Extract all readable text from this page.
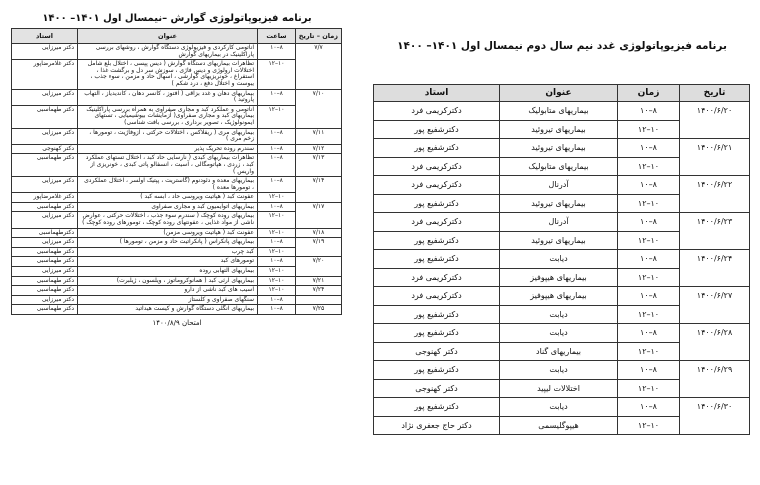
برنامه فیزیوپاتولوژی گوارش –نیمسال اول ۱۴۰۱– ۱۴۰۰
زمان – تاریخ	ساعت	عنوان	استاد
۷/۷	۸–۱۰	آناتومی کارکردی و فیزیولوژی دستگاه گوارش ، روشهای بررسی پاراکلینیک در بیماریهای گوارش	دکتر میرزایی
	۱۰–۱۲	تظاهرات بیماریهای دستگاه گوارش ( دیس پپسی ، اختلال بلع شامل اختلالات ارولوژی و دیس فاژی ، سوزش سر دل و برگشت غذا ، استفراغ ، خونریزیهای گوارشی ، اسهال حاد و مزمن ، سوء جذب ، یبوست و اختلال دفع ، درد شکم )	دکتر غلامرضاپور
۷/۱۰	۸–۱۰	بیماریهای دهان و غدد بزاقی ( افتوز ، کانسر دهان ، کاندیدیاز ، التهاب پاروتید )	دکتر میرزایی
	۱۰–۱۲	آناتومی و عملکرد کبد و مجاری صفراوی به همراه بررسی پاراکلینیک بیماریهای کبد و مجاری صفراوی( آزمایشات بیوشیمیایی ، تستهای ایمونولوژیک ، تصویر برداری ، بررسی بافت شناسی)	دکتر طهماسبی
۷/۱۱	۸–۱۰	بیماریهای مری ( ریفلاکس ، اختلالات حرکتی ، ازوفاژیت ، تومورها ، زخم مری )	دکتر میرزایی
۷/۱۲	۸–۱۰	سندرم روده تحریک پذیر	دکتر کهنوجی
۷/۱۳	۸–۱۰	تظاهرات بیماریهای کبدی ( نارسایی حاد کبد ، اختلال تستهای عملکرد کبد ، زردی ، هپاتومگالی ، آسیت ، انسفالو پاتی کبدی ، خونریزی از واریس )	دکتر طهماسبی
۷/۱۴	۸–۱۰	بیماریهای معده و دئودنوم (گاستریت ، پپتیک اولسر ، اختلال عملکردی ، تومورها معده )	دکتر میرزایی
	۱۰–۱۲	عفونت کبد ( هپاتیت ویروسی حاد ، آبسه کبد )	دکتر غلامرضاپور
۷/۱۷	۸–۱۰	بیماریهای اتوایمیون کبد و مجاری صفراوی	دکتر طهماسبی
	۱۰–۱۲	بیماریهای روده کوچک ( سندرم سوء جذب ، اختلالات حرکتی ، عوارض ناشی از مواد غذایی ، عفونتهای روده کوچک ، تومورهای روده کوچک )	دکتر میرزایی
۷/۱۸	۱۰–۱۲	عفونت کبد ( هپاتیت ویروسی مزمن)	دکترطهماسبی
۷/۱۹	۸–۱۰	بیماریهای پانکراس ( پانکراتیت حاد و مزمن ، تومورها )	دکتر میرزایی
	۱۰–۱۲	کبد چرب	دکتر طهماسبی
۷/۲۰	۸–۱۰	تومورهای کبد	دکتر طهماسبی
	۱۰–۱۲	بیماریهای التهابی روده	دکتر میرزایی
۷/۲۱	۱۰–۱۲	بیماریهای ارثی کبد ( همانوکروماتوز ، ویلسون ، ژیلبرت)	دکتر طهماسبی
۷/۲۴	۱۰–۱۲	آسیب های کبد ناشی از دارو	دکتر طهماسبی
	۸–۱۰	سنگهای صفراوی و کلستاز	دکتر میرزایی
۷/۲۵	۸–۱۰	بیماریهای انگلی دستگاه گوارش و کیست هیداتید	دکتر طهماسبی
امتحان ۱۴۰۰/۸/۹
برنامه فیزیوپاتولوژی غدد نیم سال دوم نیمسال اول ۱۴۰۱– ۱۴۰۰
تاریخ	زمان	عنوان	استاد
۱۴۰۰/۶/۲۰	۸–۱۰	بیماریهای متابولیک	دکترکریمی فرد
	۱۰–۱۲	بیماریهای تیروئید	دکترشفیع پور
۱۴۰۰/۶/۲۱	۸–۱۰	بیماریهای تیروئید	دکترشفیع پور
	۱۰–۱۲	بیماریهای متابولیک	دکترکریمی فرد
۱۴۰۰/۶/۲۲	۸–۱۰	آدرنال	دکترکریمی فرد
	۱۰–۱۲	بیماریهای تیروئید	دکترشفیع پور
۱۴۰۰/۶/۲۳	۸–۱۰	آدرنال	دکترکریمی فرد
	۱۰–۱۲	بیماریهای تیروئید	دکترشفیع پور
۱۴۰۰/۶/۲۴	۸–۱۰	دیابت	دکترشفیع پور
	۱۰–۱۲	بیماریهای هیپوفیز	دکترکریمی فرد
۱۴۰۰/۶/۲۷	۸–۱۰	بیماریهای هیپوفیز	دکترکریمی فرد
	۱۰–۱۲	دیابت	دکترشفیع پور
۱۴۰۰/۶/۲۸	۸–۱۰	دیابت	دکترشفیع پور
	۱۰–۱۲	بیماریهای گناد	دکتر کهنوجی
۱۴۰۰/۶/۲۹	۸–۱۰	دیابت	دکترشفیع پور
	۱۰–۱۲	اختلالات لیپید	دکتر کهنوجی
۱۴۰۰/۶/۳۰	۸–۱۰	دیابت	دکترشفیع پور
	۱۰–۱۲	هیپوگلیسمی	دکتر حاج جعفری نژاد
